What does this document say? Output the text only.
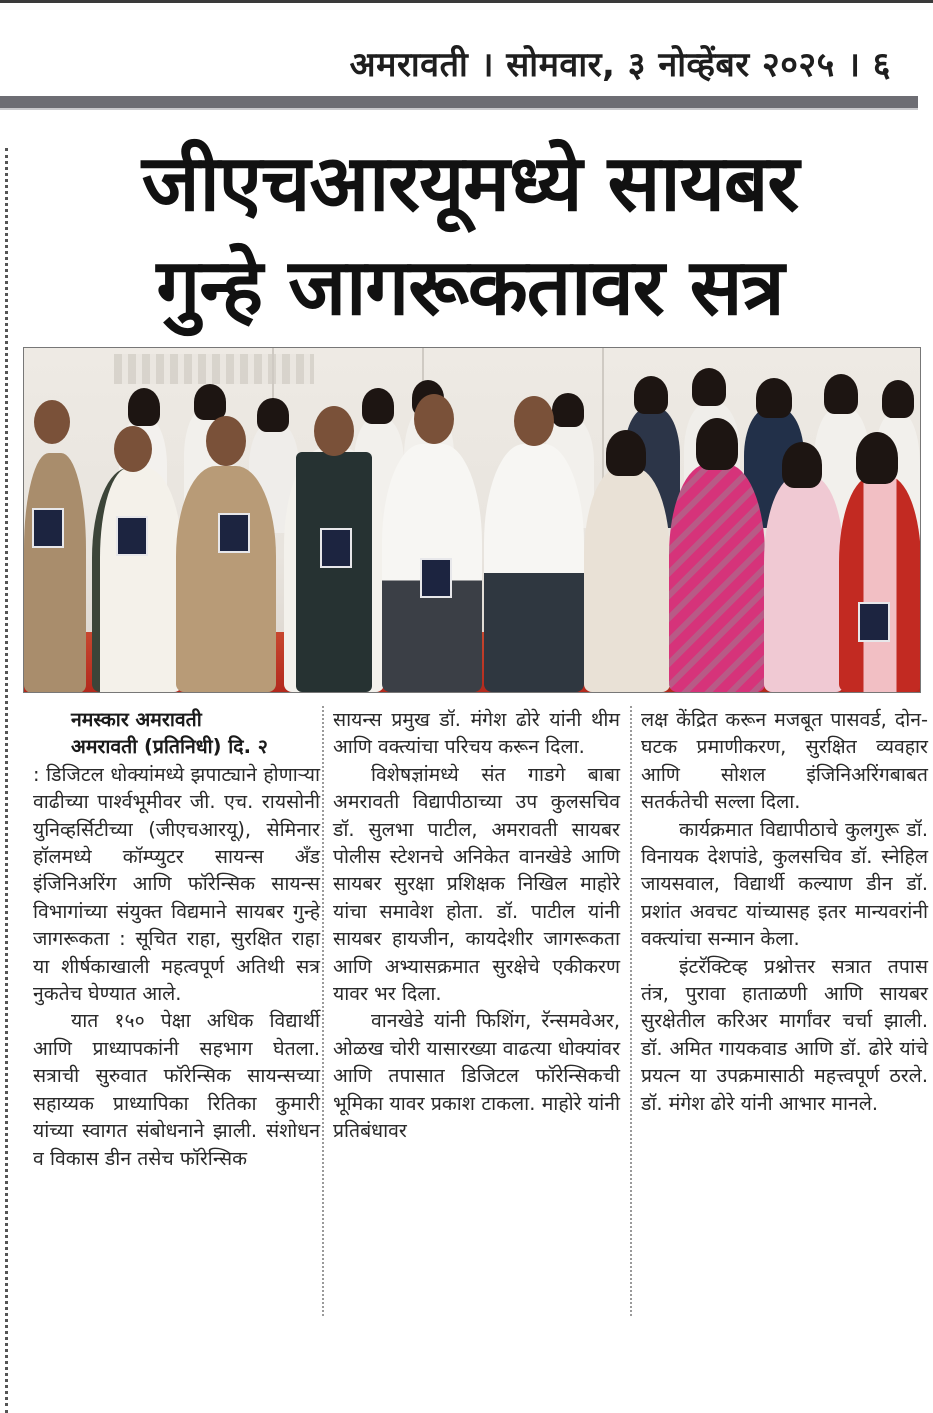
अमरावती । सोमवार, ३ नोव्हेंबर २०२५ । ६
जीएचआरयूमध्ये सायबर
गुन्हे जागरूकतावर सत्र

नमस्कार अमरावती

अमरावती (प्रतिनिधी) दि. २

: डिजिटल धोक्यांमध्ये झपाट्याने होणाऱ्या वाढीच्या पार्श्वभूमीवर जी. एच. रायसोनी युनिव्हर्सिटीच्या (जीएचआरयू), सेमिनार हॉलमध्ये कॉम्प्युटर सायन्स अँड इंजिनिअरिंग आणि फॉरेन्सिक सायन्स विभागांच्या संयुक्त विद्यमाने सायबर गुन्हे जागरूकता : सूचित राहा, सुरक्षित राहा या शीर्षकाखाली महत्वपूर्ण अतिथी सत्र नुकतेच घेण्यात आले.

यात १५० पेक्षा अधिक विद्यार्थी आणि प्राध्यापकांनी सहभाग घेतला. सत्राची सुरुवात फॉरेन्सिक सायन्सच्या सहाय्यक प्राध्यापिका रितिका कुमारी यांच्या स्वागत संबोधनाने झाली. संशोधन व विकास डीन तसेच फॉरेन्सिक

सायन्स प्रमुख डॉ. मंगेश ढोरे यांनी थीम आणि वक्त्यांचा परिचय करून दिला.

विशेषज्ञांमध्ये संत गाडगे बाबा अमरावती विद्यापीठाच्या उप कुलसचिव डॉ. सुलभा पाटील, अमरावती सायबर पोलीस स्टेशनचे अनिकेत वानखेडे आणि सायबर सुरक्षा प्रशिक्षक निखिल माहोरे यांचा समावेश होता. डॉ. पाटील यांनी सायबर हायजीन, कायदेशीर जागरूकता आणि अभ्यासक्रमात सुरक्षेचे एकीकरण यावर भर दिला.

वानखेडे यांनी फिशिंग, रॅन्समवेअर, ओळख चोरी यासारख्या वाढत्या धोक्यांवर आणि तपासात डिजिटल फॉरेन्सिकची भूमिका यावर प्रकाश टाकला. माहोरे यांनी प्रतिबंधावर

लक्ष केंद्रित करून मजबूत पासवर्ड, दोन-घटक प्रमाणीकरण, सुरक्षित व्यवहार आणि सोशल इंजिनिअरिंगबाबत सतर्कतेची सल्ला दिला.

कार्यक्रमात विद्यापीठाचे कुलगुरू डॉ. विनायक देशपांडे, कुलसचिव डॉ. स्नेहिल जायसवाल, विद्यार्थी कल्याण डीन डॉ. प्रशांत अवचट यांच्यासह इतर मान्यवरांनी वक्त्यांचा सन्मान केला.

इंटरॅक्टिव्ह प्रश्नोत्तर सत्रात तपास तंत्र, पुरावा हाताळणी आणि सायबर सुरक्षेतील करिअर मार्गांवर चर्चा झाली. डॉ. अमित गायकवाड आणि डॉ. ढोरे यांचे प्रयत्न या उपक्रमासाठी महत्त्वपूर्ण ठरले. डॉ. मंगेश ढोरे यांनी आभार मानले.
